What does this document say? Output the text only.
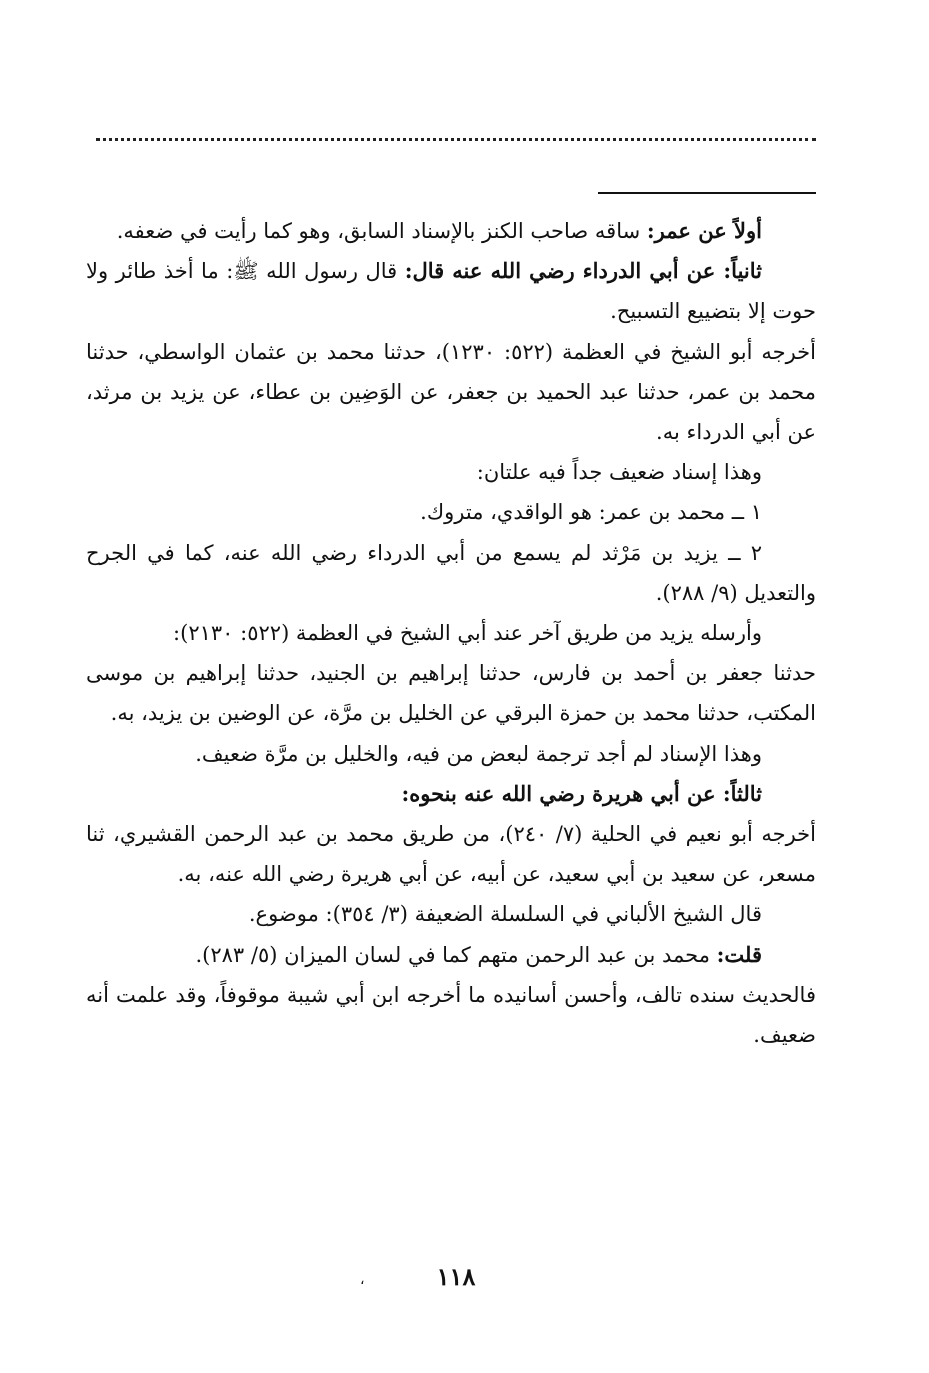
أولاً عن عمر: ساقه صاحب الكنز بالإسناد السابق، وهو كما رأيت في ضعفه.

ثانياً: عن أبي الدرداء رضي الله عنه قال: قال رسول الله ﷺ: ما أخذ طائر ولا حوت إلا بتضييع التسبيح.

أخرجه أبو الشيخ في العظمة (٥٢٢: ١٢٣٠)، حدثنا محمد بن عثمان الواسطي، حدثنا محمد بن عمر، حدثنا عبد الحميد بن جعفر، عن الوَضِين بن عطاء، عن يزيد بن مرثد، عن أبي الدرداء به.

وهذا إسناد ضعيف جداً فيه علتان:

١ ــ محمد بن عمر: هو الواقدي، متروك.

٢ ــ يزيد بن مَرْثد لم يسمع من أبي الدرداء رضي الله عنه، كما في الجرح والتعديل (٩/ ٢٨٨).

وأرسله يزيد من طريق آخر عند أبي الشيخ في العظمة (٥٢٢: ٢١٣٠):

حدثنا جعفر بن أحمد بن فارس، حدثنا إبراهيم بن الجنيد، حدثنا إبراهيم بن موسى المكتب، حدثنا محمد بن حمزة البرقي عن الخليل بن مرَّة، عن الوضين بن يزيد، به.

وهذا الإسناد لم أجد ترجمة لبعض من فيه، والخليل بن مرَّة ضعيف.

ثالثاً: عن أبي هريرة رضي الله عنه بنحوه:

أخرجه أبو نعيم في الحلية (٧/ ٢٤٠)، من طريق محمد بن عبد الرحمن القشيري، ثنا مسعر، عن سعيد بن أبي سعيد، عن أبيه، عن أبي هريرة رضي الله عنه، به.

قال الشيخ الألباني في السلسلة الضعيفة (٣/ ٣٥٤): موضوع.

قلت: محمد بن عبد الرحمن متهم كما في لسان الميزان (٥/ ٢٨٣).

فالحديث سنده تالف، وأحسن أسانيده ما أخرجه ابن أبي شيبة موقوفاً، وقد علمت أنه ضعيف.

،	١١٨
